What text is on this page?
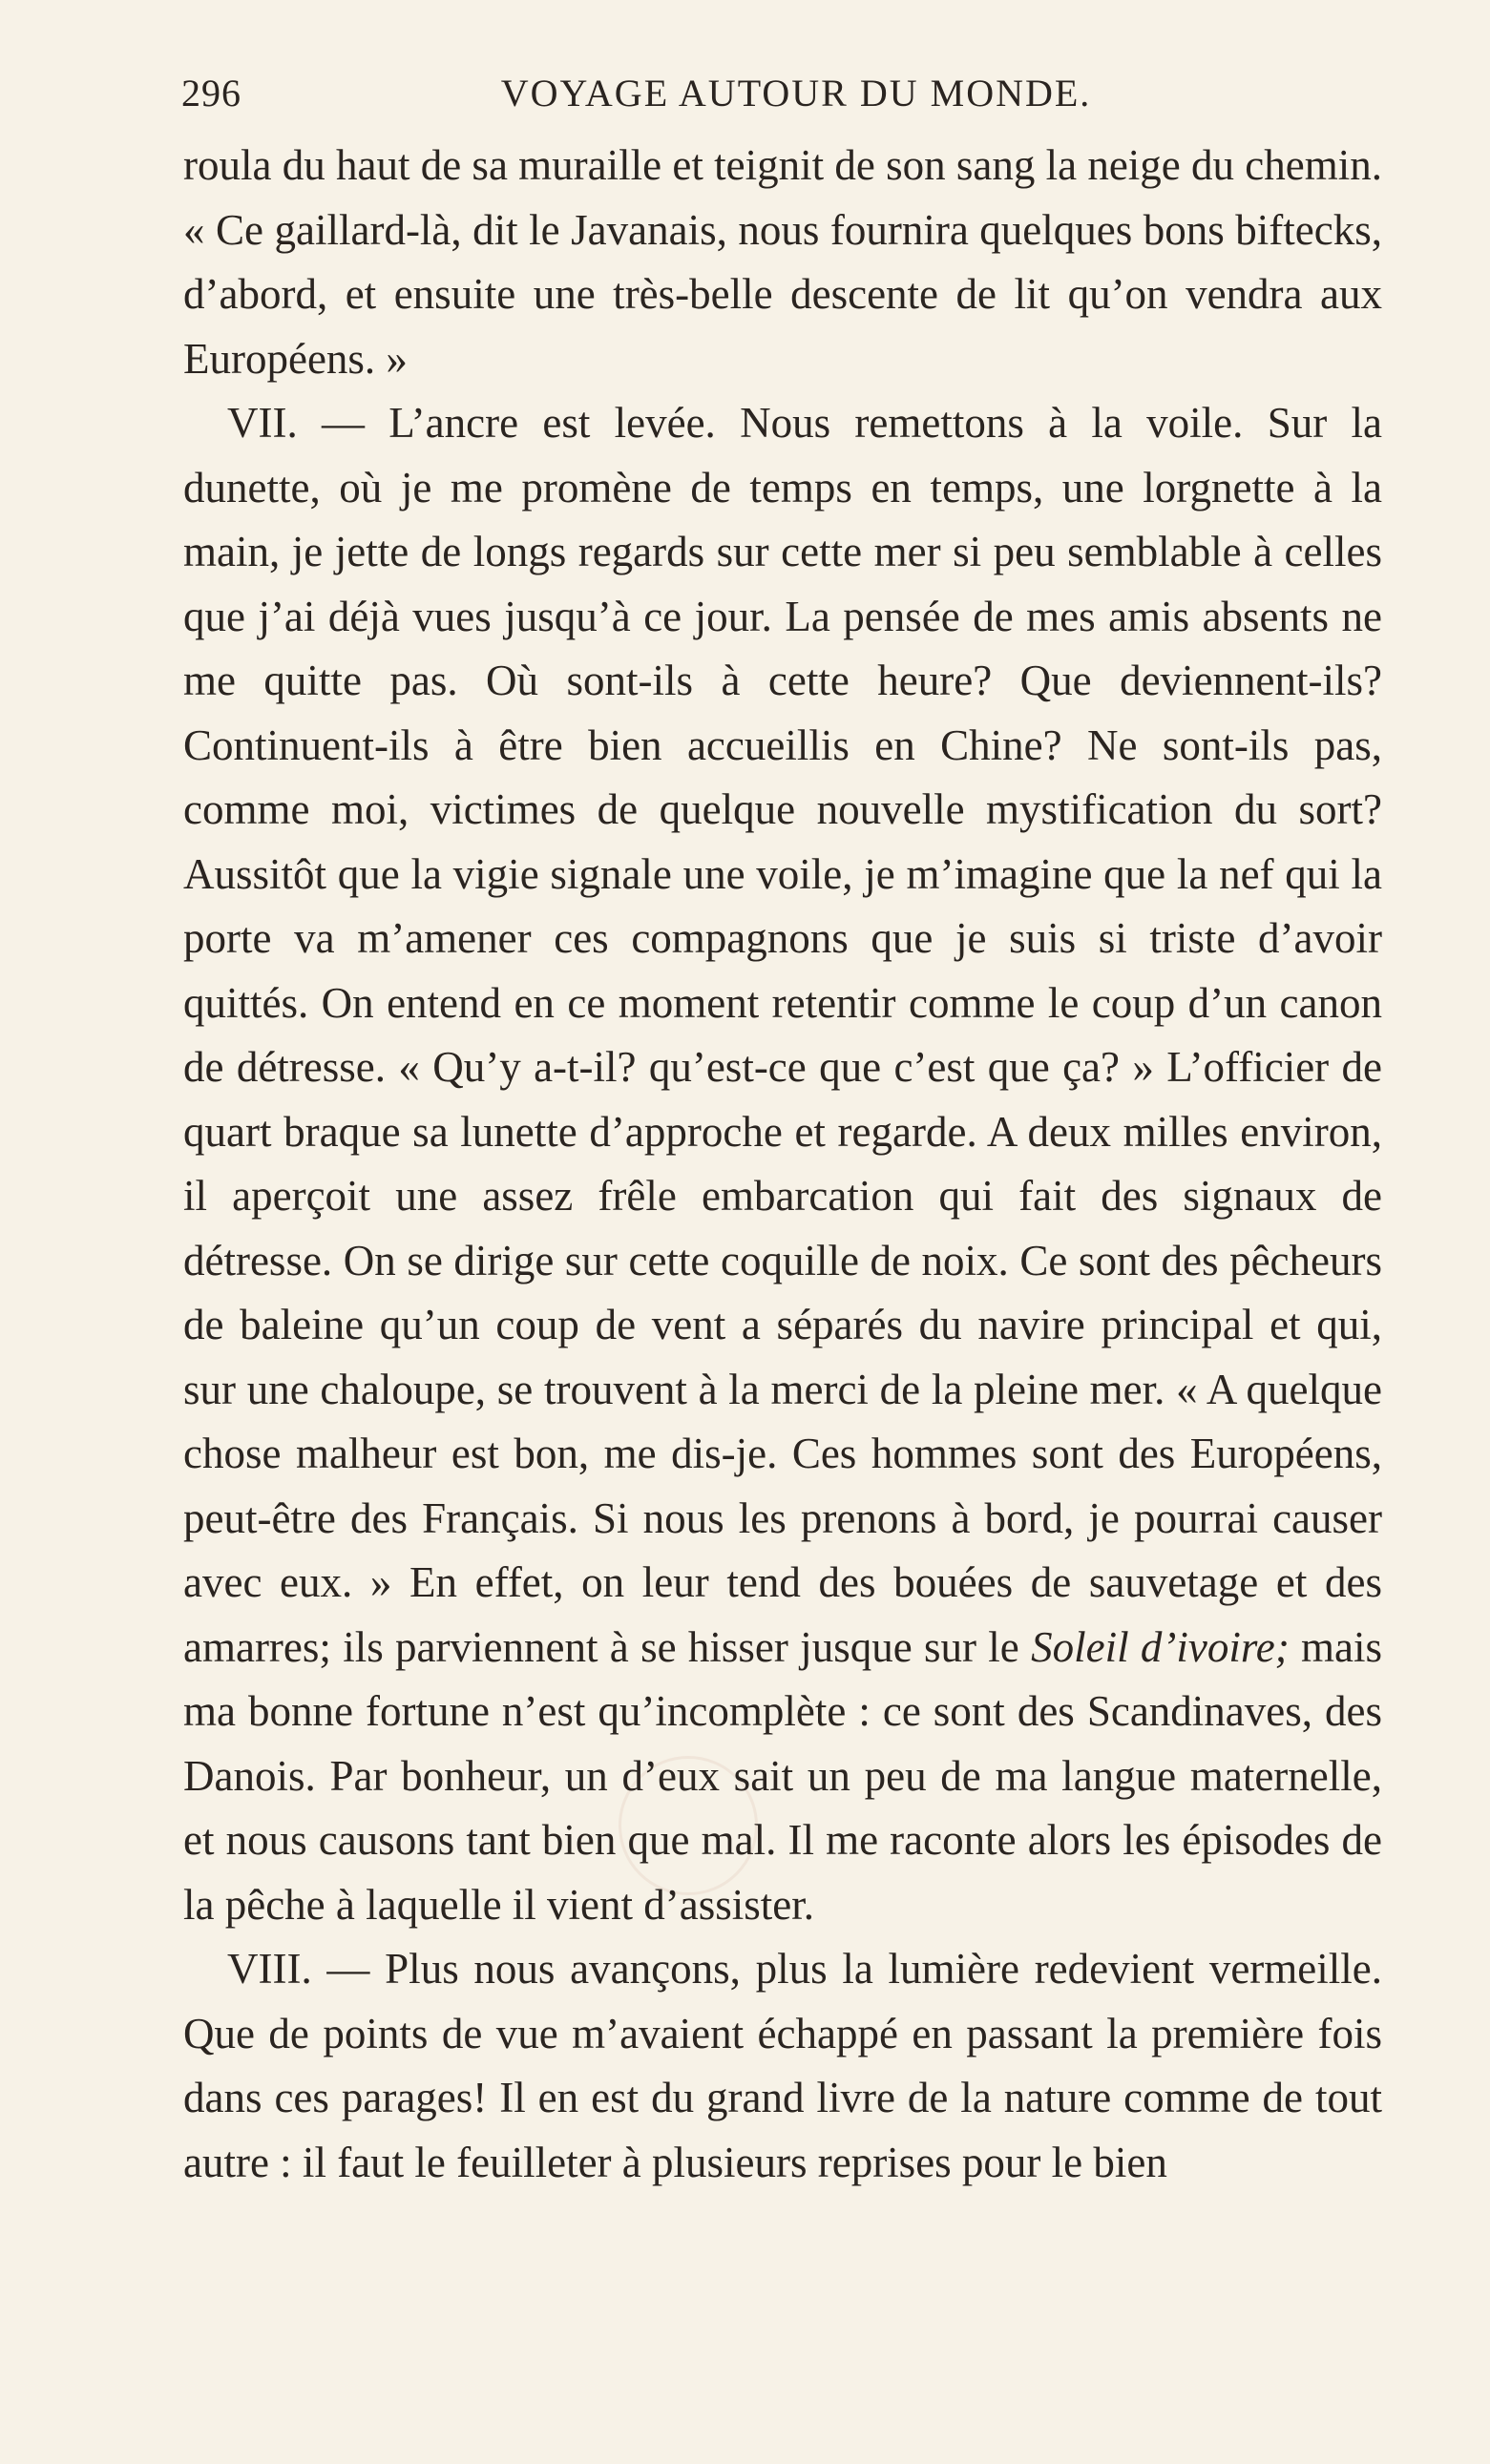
296	VOYAGE AUTOUR DU MONDE.

roula du haut de sa muraille et teignit de son sang la neige du chemin. « Ce gaillard-là, dit le Javanais, nous fournira quelques bons biftecks, d’abord, et ensuite une très-belle descente de lit qu’on vendra aux Européens. »

VII. — L’ancre est levée. Nous remettons à la voile. Sur la dunette, où je me promène de temps en temps, une lorgnette à la main, je jette de longs regards sur cette mer si peu semblable à celles que j’ai déjà vues jusqu’à ce jour. La pensée de mes amis absents ne me quitte pas. Où sont-ils à cette heure? Que deviennent-ils? Continuent-ils à être bien accueillis en Chine? Ne sont-ils pas, comme moi, victimes de quelque nouvelle mystification du sort? Aussitôt que la vigie signale une voile, je m’imagine que la nef qui la porte va m’amener ces compagnons que je suis si triste d’avoir quittés. On entend en ce moment retentir comme le coup d’un canon de détresse. « Qu’y a-t-il? qu’est-ce que c’est que ça? » L’officier de quart braque sa lunette d’approche et regarde. A deux milles environ, il aperçoit une assez frêle embarcation qui fait des signaux de détresse. On se dirige sur cette coquille de noix. Ce sont des pêcheurs de baleine qu’un coup de vent a séparés du navire principal et qui, sur une chaloupe, se trouvent à la merci de la pleine mer. « A quelque chose malheur est bon, me dis-je. Ces hommes sont des Européens, peut-être des Français. Si nous les prenons à bord, je pourrai causer avec eux. » En effet, on leur tend des bouées de sauvetage et des amarres; ils parviennent à se hisser jusque sur le Soleil d’ivoire; mais ma bonne fortune n’est qu’incomplète : ce sont des Scandinaves, des Danois. Par bonheur, un d’eux sait un peu de ma langue maternelle, et nous causons tant bien que mal. Il me raconte alors les épisodes de la pêche à laquelle il vient d’assister.

VIII. — Plus nous avançons, plus la lumière redevient vermeille. Que de points de vue m’avaient échappé en passant la première fois dans ces parages! Il en est du grand livre de la nature comme de tout autre : il faut le feuilleter à plusieurs reprises pour le bien
